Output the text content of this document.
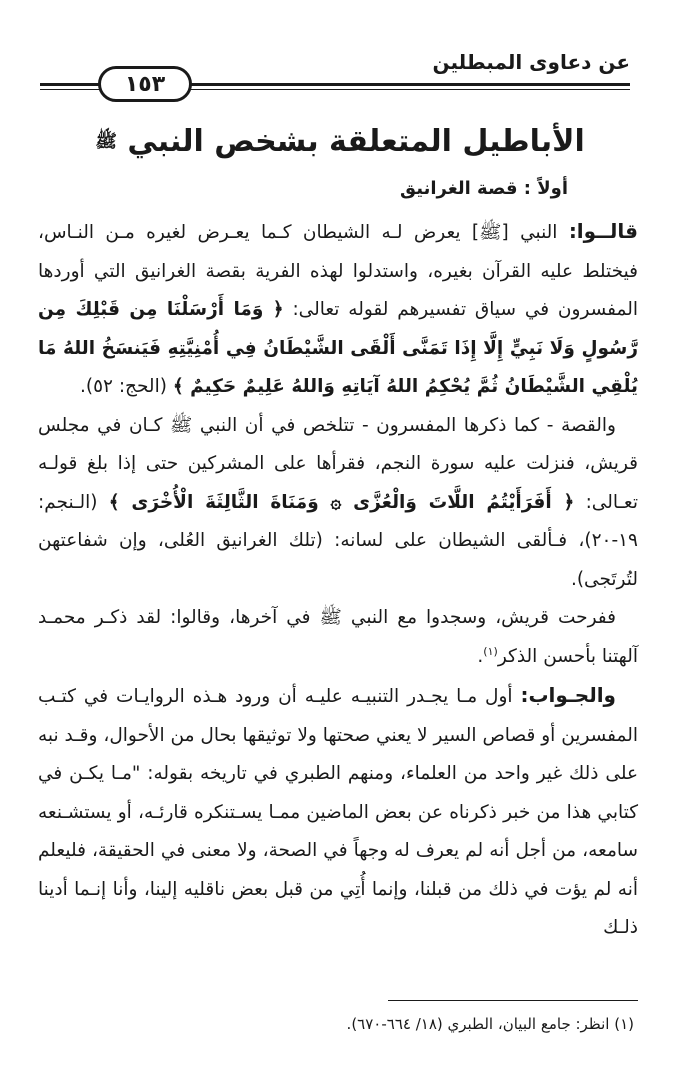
عن دعاوى المبطلين
١٥٣
الأباطيل المتعلقة بشخص النبي $^ﷺ$

أولاً : قصة الغرانيق

قالــوا: النبي [ﷺ] يعرض لـه الشيطان كـما يعـرض لغيره مـن النـاس، فيختلط عليه القرآن بغيره، واستدلوا لهذه الفرية بقصة الغرانيق التي أوردها المفسرون في سياق تفسيرهم لقوله تعالى: ﴿ وَمَا أَرْسَلْنَا مِن قَبْلِكَ مِن رَّسُولٍ وَلَا نَبِيٍّ إِلَّا إِذَا تَمَنَّى أَلْقَى الشَّيْطَانُ فِي أُمْنِيَّتِهِ فَيَنسَخُ اللهُ مَا يُلْقِي الشَّيْطَانُ ثُمَّ يُحْكِمُ اللهُ آيَاتِهِ وَاللهُ عَلِيمٌ حَكِيمٌ ﴾ (الحج: ٥٢).

والقصة - كما ذكرها المفسرون - تتلخص في أن النبي ﷺ كـان في مجلس قريش، فنزلت عليه سورة النجم، فقرأها على المشركين حتى إذا بلغ قولـه تعـالى: ﴿ أَفَرَأَيْتُمُ اللَّاتَ وَالْعُزَّى ۞ وَمَنَاةَ الثَّالِثَةَ الْأُخْرَى ﴾ (الـنجم: ١٩-٢٠)، فـألقى الشيطان على لسانه: (تلك الغرانيق العُلى، وإن شفاعتهن لتُرتَجى).

ففرحت قريش، وسجدوا مع النبي ﷺ في آخرها، وقالوا: لقد ذكـر محمـد آلهتنا بأحسن الذكر$^{(١)}$.

والجـواب: أول مـا يجـدر التنبيـه عليـه أن ورود هـذه الروايـات في كتـب المفسرين أو قصاص السير لا يعني صحتها ولا توثيقها بحال من الأحوال، وقـد نبه على ذلك غير واحد من العلماء، ومنهم الطبري في تاريخه بقوله: "مـا يكـن في كتابي هذا من خبر ذكرناه عن بعض الماضين ممـا يسـتنكره قارئـه، أو يستشـنعه سامعه، من أجل أنه لم يعرف له وجهاً في الصحة، ولا معنى في الحقيقة، فليعلم أنه لم يؤت في ذلك من قبلنا، وإنما أُتِي من قبل بعض ناقليه إلينا، وأنا إنـما أدينا ذلـك

(١) انظر: جامع البيان، الطبري (١٨/ ٦٦٤-٦٧٠).
